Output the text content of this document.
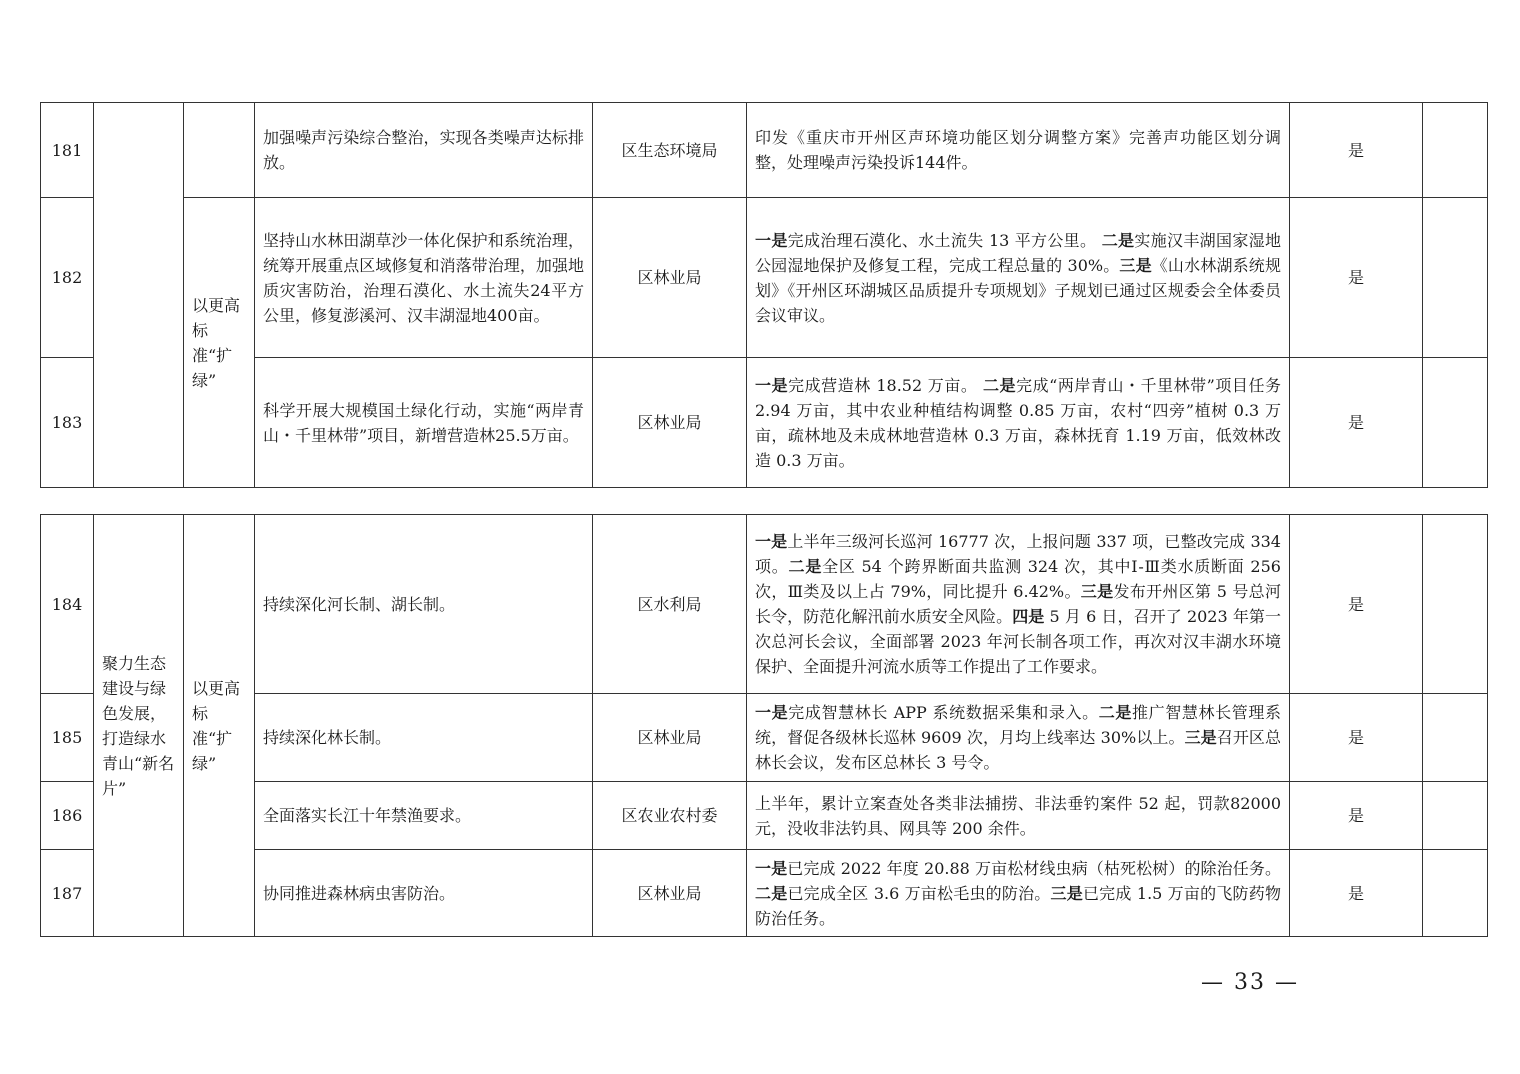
181			加强噪声污染综合整治，实现各类噪声达标排放。	区生态环境局	印发《重庆市开州区声环境功能区划分调整方案》完善声功能区划分调整，处理噪声污染投诉144件。	是	
182		以更高标准“扩绿”	坚持山水林田湖草沙一体化保护和系统治理，统筹开展重点区域修复和消落带治理，加强地质灾害防治，治理石漠化、水土流失24平方公里，修复澎溪河、汉丰湖湿地400亩。	区林业局	一是完成治理石漠化、水土流失 13 平方公里。 二是实施汉丰湖国家湿地公园湿地保护及修复工程，完成工程总量的 30%。三是《山水林湖系统规划》《开州区环湖城区品质提升专项规划》子规划已通过区规委会全体委员会议审议。	是	
183			科学开展大规模国土绿化行动，实施“两岸青山・千里林带”项目，新增营造林25.5万亩。	区林业局	一是完成营造林 18.52 万亩。 二是完成“两岸青山・千里林带”项目任务 2.94 万亩，其中农业种植结构调整 0.85 万亩，农村“四旁”植树 0.3 万亩，疏林地及未成林地营造林 0.3 万亩，森林抚育 1.19 万亩，低效林改造 0.3 万亩。	是	
184	聚力生态建设与绿色发展，打造绿水青山“新名片”	以更高标准“扩绿”	持续深化河长制、湖长制。	区水利局	一是上半年三级河长巡河 16777 次，上报问题 337 项，已整改完成 334 项。二是全区 54 个跨界断面共监测 324 次，其中Ⅰ-Ⅲ类水质断面 256 次，Ⅲ类及以上占 79%，同比提升 6.42%。三是发布开州区第 5 号总河长令，防范化解汛前水质安全风险。四是 5 月 6 日，召开了 2023 年第一次总河长会议，全面部署 2023 年河长制各项工作，再次对汉丰湖水环境保护、全面提升河流水质等工作提出了工作要求。	是	
185			持续深化林长制。	区林业局	一是完成智慧林长 APP 系统数据采集和录入。二是推广智慧林长管理系统，督促各级林长巡林 9609 次，月均上线率达 30%以上。三是召开区总林长会议，发布区总林长 3 号令。	是	
186			全面落实长江十年禁渔要求。	区农业农村委	上半年，累计立案查处各类非法捕捞、非法垂钓案件 52 起，罚款82000 元，没收非法钓具、网具等 200 余件。	是	
187			协同推进森林病虫害防治。	区林业局	一是已完成 2022 年度 20.88 万亩松材线虫病（枯死松树）的除治任务。二是已完成全区 3.6 万亩松毛虫的防治。三是已完成 1.5 万亩的飞防药物防治任务。	是	
— 33 —
